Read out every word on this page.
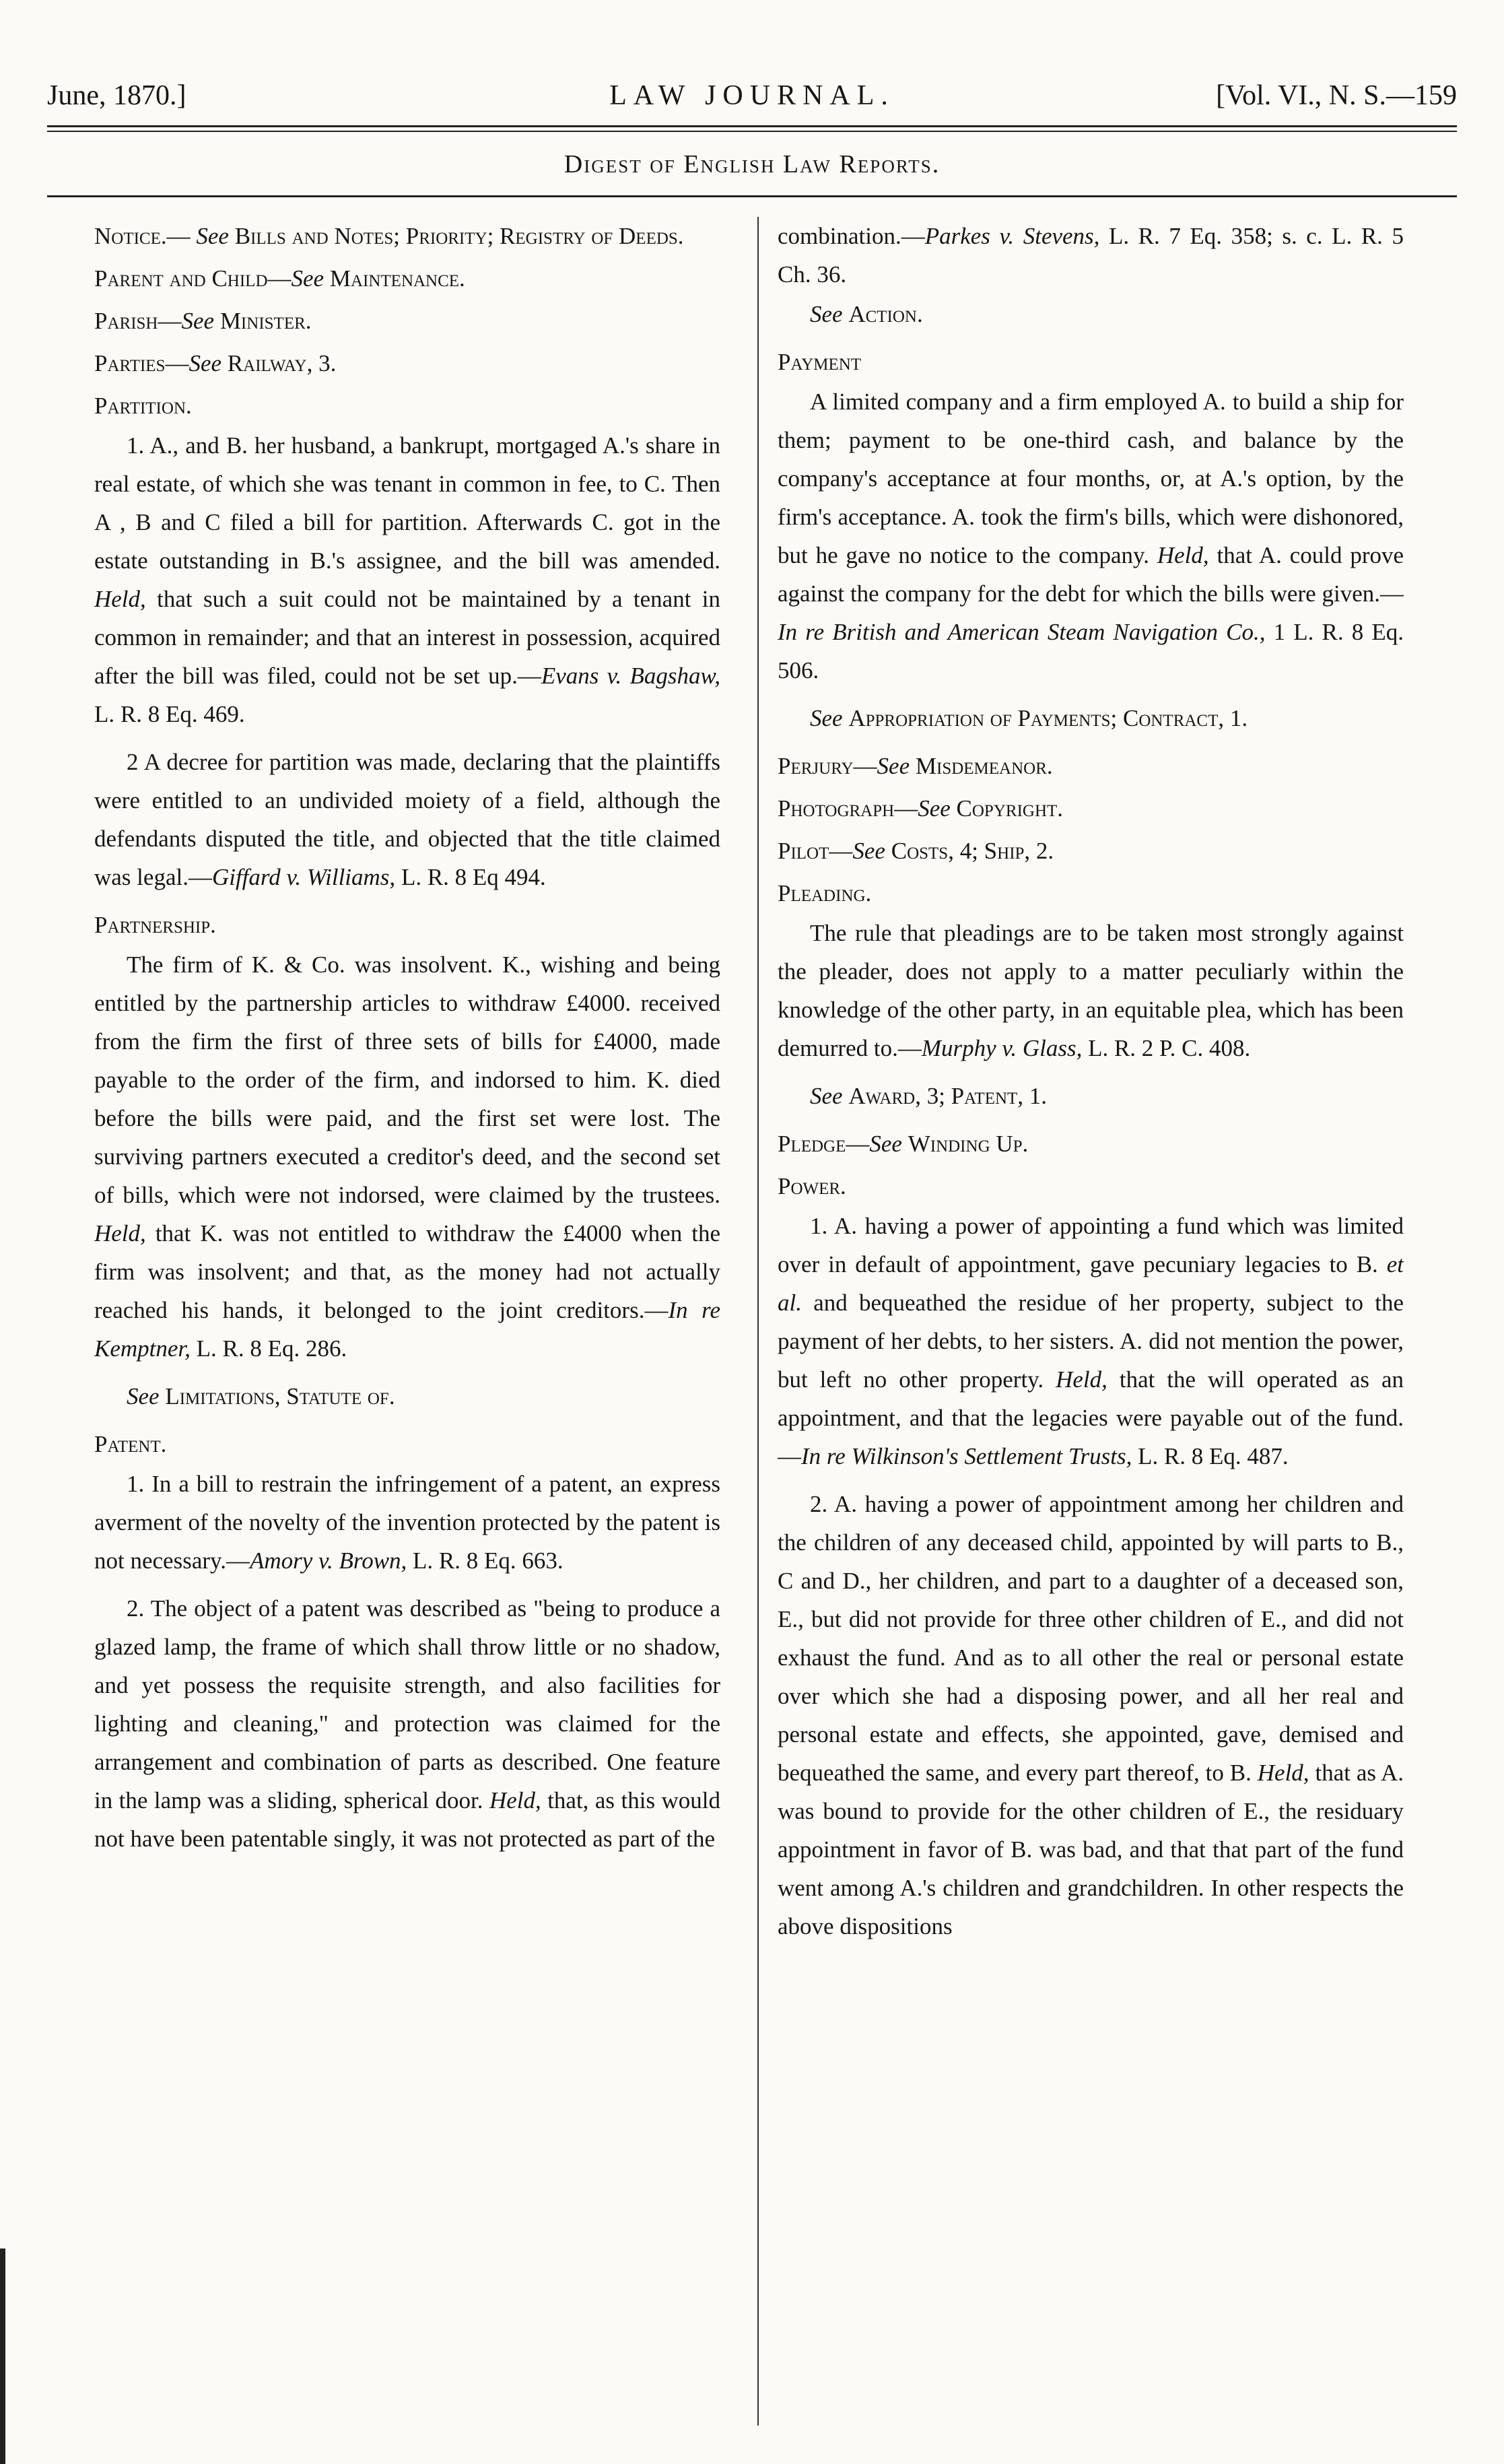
June, 1870.]	LAW JOURNAL.	[Vol. VI., N. S.—159
Digest of English Law Reports.

Notice.— See Bills and Notes; Priority; Registry of Deeds.

Parent and Child—See Maintenance.

Parish—See Minister.

Parties—See Railway, 3.

Partition.

1. A., and B. her husband, a bankrupt, mortgaged A.'s share in real estate, of which she was tenant in common in fee, to C. Then A , B and C filed a bill for partition. Afterwards C. got in the estate outstanding in B.'s assignee, and the bill was amended. Held, that such a suit could not be maintained by a tenant in common in remainder; and that an interest in possession, acquired after the bill was filed, could not be set up.—Evans v. Bagshaw, L. R. 8 Eq. 469.

2 A decree for partition was made, declaring that the plaintiffs were entitled to an undivided moiety of a field, although the defendants disputed the title, and objected that the title claimed was legal.—Giffard v. Williams, L. R. 8 Eq 494.

Partnership.

The firm of K. & Co. was insolvent. K., wishing and being entitled by the partnership articles to withdraw £4000. received from the firm the first of three sets of bills for £4000, made payable to the order of the firm, and indorsed to him. K. died before the bills were paid, and the first set were lost. The surviving partners executed a creditor's deed, and the second set of bills, which were not indorsed, were claimed by the trustees. Held, that K. was not entitled to withdraw the £4000 when the firm was insolvent; and that, as the money had not actually reached his hands, it belonged to the joint creditors.—In re Kemptner, L. R. 8 Eq. 286.

See Limitations, Statute of.

Patent.

1. In a bill to restrain the infringement of a patent, an express averment of the novelty of the invention protected by the patent is not necessary.—Amory v. Brown, L. R. 8 Eq. 663.

2. The object of a patent was described as "being to produce a glazed lamp, the frame of which shall throw little or no shadow, and yet possess the requisite strength, and also facilities for lighting and cleaning," and protection was claimed for the arrangement and combination of parts as described. One feature in the lamp was a sliding, spherical door. Held, that, as this would not have been patentable singly, it was not protected as part of the

combination.—Parkes v. Stevens, L. R. 7 Eq. 358; s. c. L. R. 5 Ch. 36.

See Action.

Payment

A limited company and a firm employed A. to build a ship for them; payment to be one-third cash, and balance by the company's acceptance at four months, or, at A.'s option, by the firm's acceptance. A. took the firm's bills, which were dishonored, but he gave no notice to the company. Held, that A. could prove against the company for the debt for which the bills were given.—In re British and American Steam Navigation Co., 1 L. R. 8 Eq. 506.

See Appropriation of Payments; Contract, 1.

Perjury—See Misdemeanor.

Photograph—See Copyright.

Pilot—See Costs, 4; Ship, 2.

Pleading.

The rule that pleadings are to be taken most strongly against the pleader, does not apply to a matter peculiarly within the knowledge of the other party, in an equitable plea, which has been demurred to.—Murphy v. Glass, L. R. 2 P. C. 408.

See Award, 3; Patent, 1.

Pledge—See Winding Up.

Power.

1. A. having a power of appointing a fund which was limited over in default of appointment, gave pecuniary legacies to B. et al. and bequeathed the residue of her property, subject to the payment of her debts, to her sisters. A. did not mention the power, but left no other property. Held, that the will operated as an appointment, and that the legacies were payable out of the fund.—In re Wilkinson's Settlement Trusts, L. R. 8 Eq. 487.

2. A. having a power of appointment among her children and the children of any deceased child, appointed by will parts to B., C and D., her children, and part to a daughter of a deceased son, E., but did not provide for three other children of E., and did not exhaust the fund. And as to all other the real or personal estate over which she had a disposing power, and all her real and personal estate and effects, she appointed, gave, demised and bequeathed the same, and every part thereof, to B. Held, that as A. was bound to provide for the other children of E., the residuary appointment in favor of B. was bad, and that that part of the fund went among A.'s children and grandchildren. In other respects the above dispositions
